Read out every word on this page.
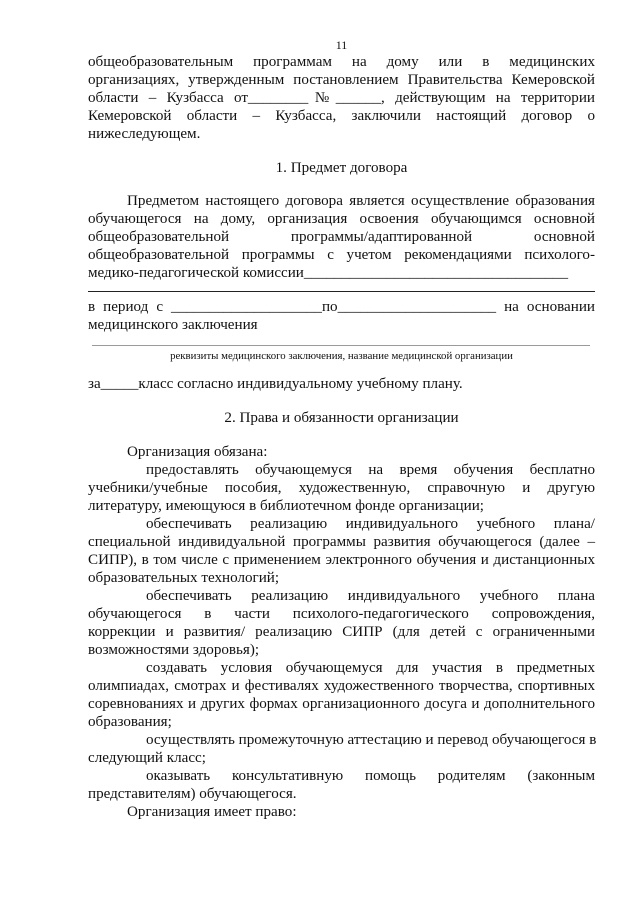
11
общеобразовательным программам на дому или в медицинских
организациях, утвержденным постановлением Правительства Кемеровской
области – Кузбасса от________№______, действующим на территории
Кемеровской области – Кузбасса, заключили настоящий договор о
нижеследующем.
1. Предмет договора
Предметом настоящего договора является осуществление образования
обучающегося на дому, организация освоения обучающимся основной
общеобразовательной программы/адаптированной основной
общеобразовательной программы с учетом рекомендациями психолого-
медико-педагогической комиссии___________________________________
в период с ____________________по_____________________ на основании
медицинского заключения
реквизиты медицинского заключения, название медицинской организации
за_____класс согласно индивидуальному учебному плану.
2. Права и обязанности организации
Организация обязана:
предоставлять обучающемуся на время обучения бесплатно
учебники/учебные пособия, художественную, справочную и другую
литературу, имеющуюся в библиотечном фонде организации;
обеспечивать реализацию индивидуального учебного плана/
специальной индивидуальной программы развития обучающегося (далее –
СИПР), в том числе с применением электронного обучения и дистанционных
образовательных технологий;
обеспечивать реализацию индивидуального учебного плана
обучающегося в части психолого-педагогического сопровождения,
коррекции и развития/ реализацию СИПР (для детей с ограниченными
возможностями здоровья);
создавать условия обучающемуся для участия в предметных
олимпиадах, смотрах и фестивалях художественного творчества, спортивных
соревнованиях и других формах организационного досуга и дополнительного
образования;
осуществлять промежуточную аттестацию и перевод обучающегося в
следующий класс;
оказывать консультативную помощь родителям (законным
представителям) обучающегося.
Организация имеет право:
